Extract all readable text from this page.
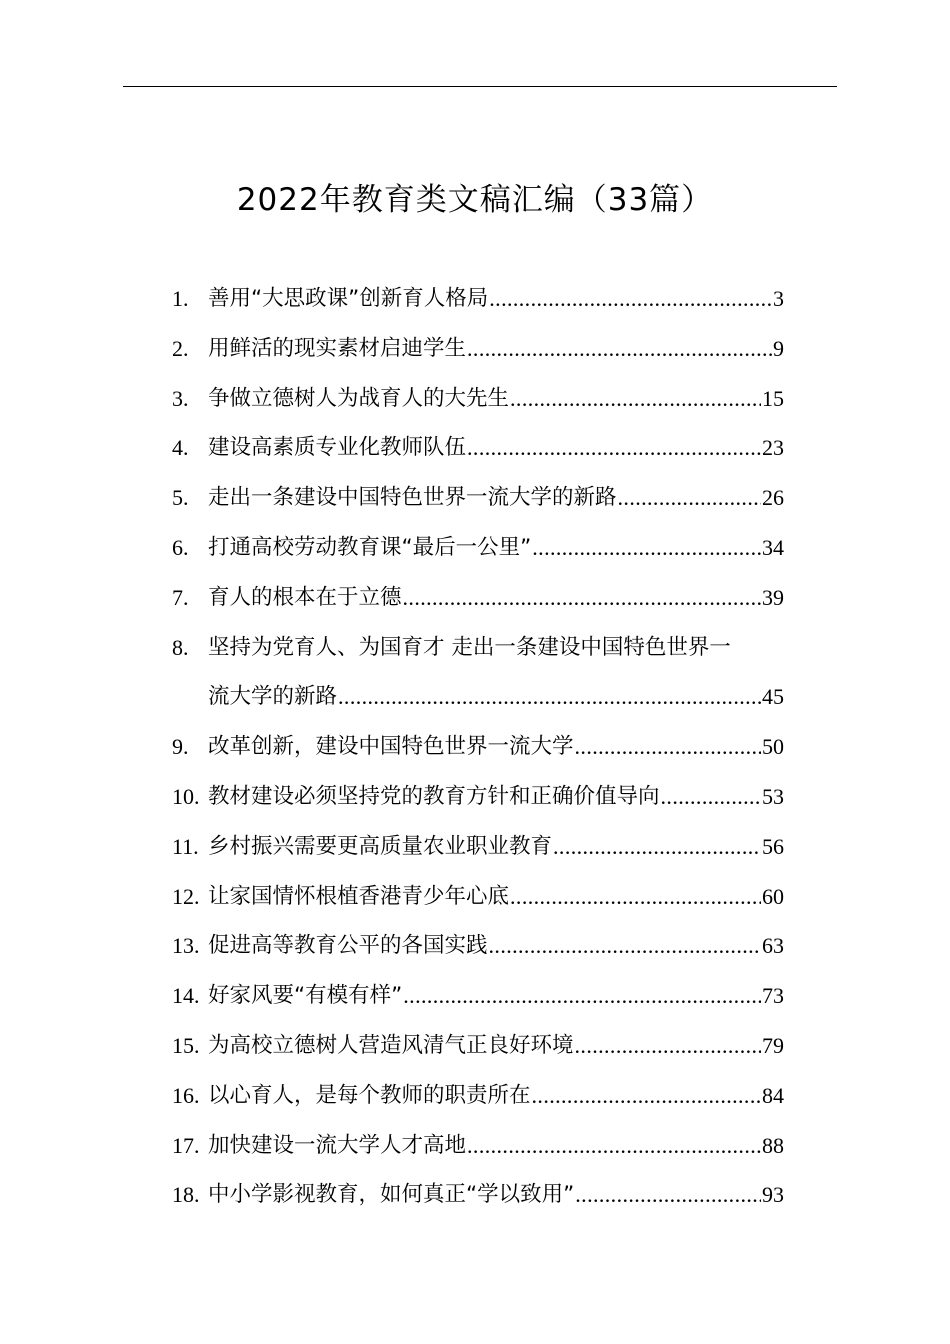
2022年教育类文稿汇编（33篇）
1. 善用“大思政课”创新育人格局 .....	3
2. 用鲜活的现实素材启迪学生 .....	9
3. 争做立德树人为战育人的大先生 .....	15
4. 建设高素质专业化教师队伍 .....	23
5. 走出一条建设中国特色世界一流大学的新路 .....	26
6. 打通高校劳动教育课“最后一公里” .....	34
7. 育人的根本在于立德 .....	39
8. 坚持为党育人、为国育才 走出一条建设中国特色世界一
流大学的新路 .....	45
9. 改革创新，建设中国特色世界一流大学 .....	50
10. 教材建设必须坚持党的教育方针和正确价值导向 .....	53
11. 乡村振兴需要更高质量农业职业教育 .....	56
12. 让家国情怀根植香港青少年心底 .....	60
13. 促进高等教育公平的各国实践 .....	63
14. 好家风要“有模有样” .....	73
15. 为高校立德树人营造风清气正良好环境 .....	79
16. 以心育人，是每个教师的职责所在 .....	84
17. 加快建设一流大学人才高地 .....	88
18. 中小学影视教育，如何真正“学以致用” .....	93
